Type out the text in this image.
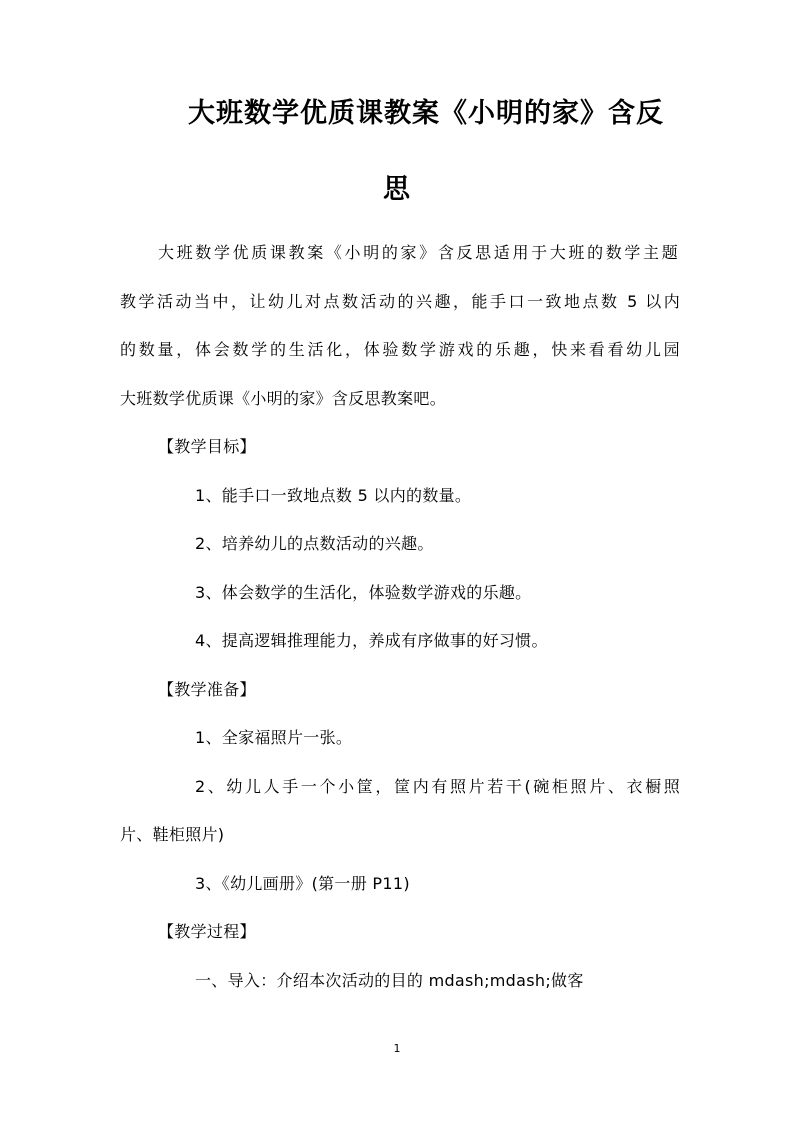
大班数学优质课教案《小明的家》含反
思

大班数学优质课教案《小明的家》含反思适用于大班的数学主题

教学活动当中，让幼儿对点数活动的兴趣，能手口一致地点数 5 以内

的数量，体会数学的生活化，体验数学游戏的乐趣，快来看看幼儿园

大班数学优质课《小明的家》含反思教案吧。

【教学目标】

1、能手口一致地点数 5 以内的数量。

2、培养幼儿的点数活动的兴趣。

3、体会数学的生活化，体验数学游戏的乐趣。

4、提高逻辑推理能力，养成有序做事的好习惯。

【教学准备】

1、全家福照片一张。

2、幼儿人手一个小筐，筐内有照片若干(碗柜照片、衣橱照

片、鞋柜照片)

3、《幼儿画册》(第一册 P11)

【教学过程】

一、导入：介绍本次活动的目的 mdash;mdash;做客

1
